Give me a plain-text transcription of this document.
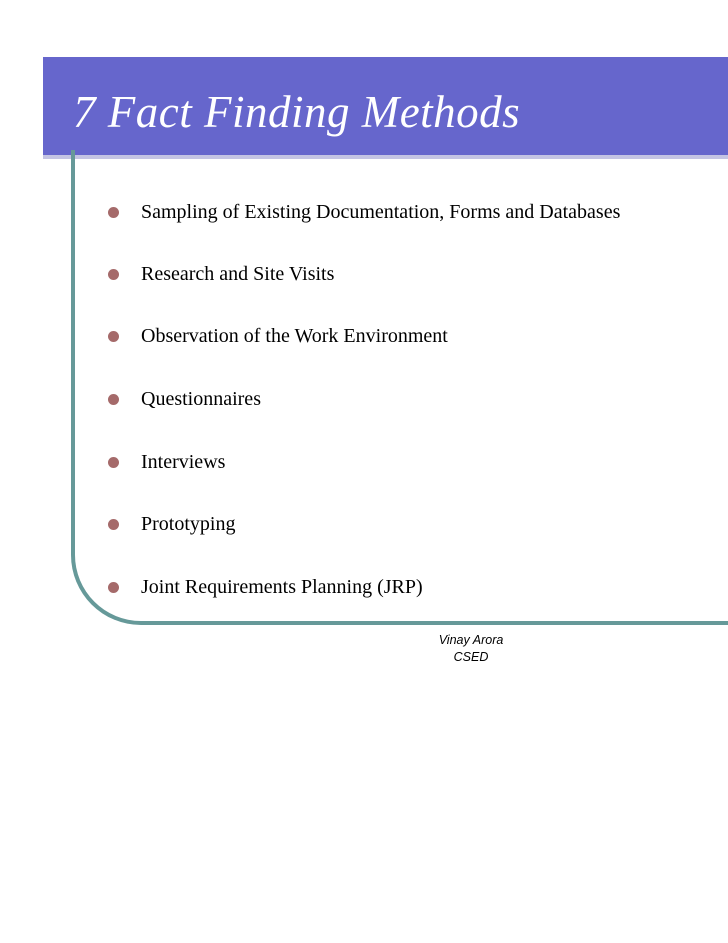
7 Fact Finding Methods
Sampling of Existing Documentation, Forms and Databases
Research and Site Visits
Observation of the Work Environment
Questionnaires
Interviews
Prototyping
Joint Requirements Planning (JRP)
Vinay Arora
CSED
